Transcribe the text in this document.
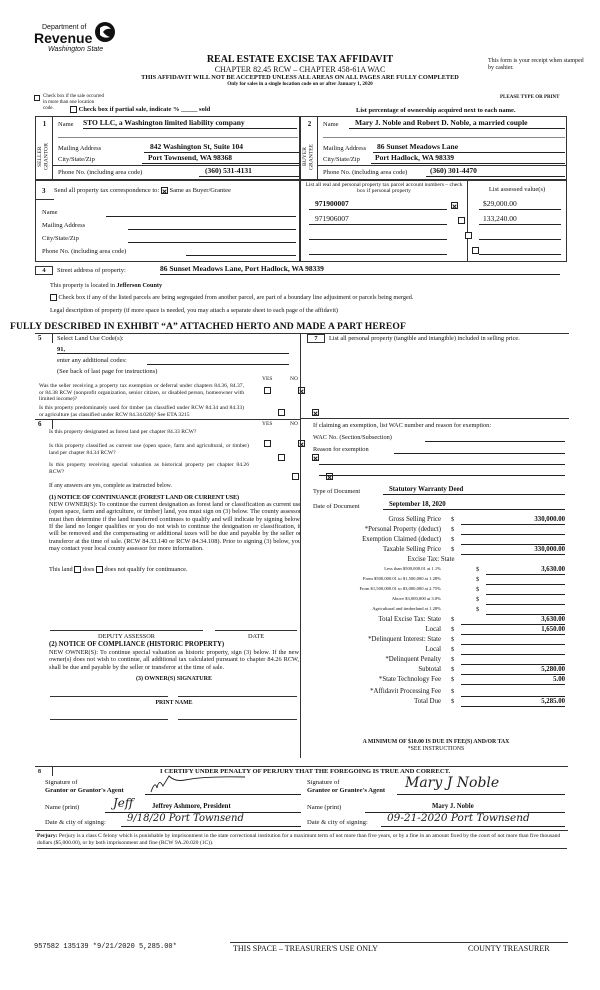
Department of
Revenue
Washington State
REAL ESTATE EXCISE TAX AFFIDAVIT
CHAPTER 82.45 RCW – CHAPTER 458-61A WAC
THIS AFFIDAVIT WILL NOT BE ACCEPTED UNLESS ALL AREAS ON ALL PAGES ARE FULLY COMPLETED
Only for sales in a single location code on or after January 1, 2020
This form is your receipt when stamped by cashier.
PLEASE TYPE OR PRINT
Check box if the sale occurred in more than one location code.	Check box if partial sale, indicate % _____ sold	List percentage of ownership acquired next to each name.
1
SELLER GRANTOR
Name STO LLC, a Washington limited liability company
Mailing Address	842 Washington St, Suite 104
City/State/Zip	Port Townsend, WA 98368
Phone No. (including area code)	(360) 531-4131
2
BUYER GRANTEE
Name	Mary J. Noble and Robert D. Noble, a married couple
Mailing Address	86 Sunset Meadows Lane
City/State/Zip	Port Hadlock, WA 98339
Phone No. (including area code)	(360) 301-4470
3 Send all property tax correspondence to: Same as Buyer/Grantee
Name
Mailing Address
City/State/Zip
Phone No. (including area code)
List all real and personal property tax parcel account numbers – check box if personal property	List assessed value(s)
971900007	$29,000.00
971906007	133,240.00
4	Street address of property:	86 Sunset Meadows Lane, Port Hadlock, WA 98339
This property is located in Jefferson County
Check box if any of the listed parcels are being segregated from another parcel, are part of a boundary line adjustment or parcels being merged.
Legal description of property (if more space is needed, you may attach a separate sheet to each page of the affidavit)
FULLY DESCRIBED IN EXHIBIT “A” ATTACHED HERTO AND MADE A PART HEREOF
5 Select Land Use Code(s):
91,
enter any additional codes:
(See back of last page for instructions)
YES	NO
Was the seller receiving a property tax exemption or deferral under chapters 84.36, 84.37, or 84.38 RCW (nonprofit organization, senior citizen, or disabled person, homeowner with limited income)?
Is this property predominately used for timber (as classified under RCW 84.34 and 84.33) or agriculture (as classified under RCW 84.34.020)? See ETA 3215
6	YES	NO
Is this property designated as forest land per chapter 84.33 RCW?
Is this property classified as current use (open space, farm and agricultural, or timber) land per chapter 84.34 RCW?
Is this property receiving special valuation as historical property per chapter 84.26 RCW?
If any answers are yes, complete as instructed below.
(1) NOTICE OF CONTINUANCE (FOREST LAND OR CURRENT USE)
NEW OWNER(S): To continue the current designation as forest land or classification as current use (open space, farm and agriculture, or timber) land, you must sign on (3) below. The county assessor must then determine if the land transferred continues to qualify and will indicate by signing below. If the land no longer qualifies or you do not wish to continue the designation or classification, it will be removed and the compensating or additional taxes will be due and payable by the seller or transferor at the time of sale. (RCW 84.33.140 or RCW 84.34.108). Prior to signing (3) below, you may contact your local county assessor for more information.
This land does does not qualify for continuance.
DEPUTY ASSESSOR	DATE
(2) NOTICE OF COMPLIANCE (HISTORIC PROPERTY)
NEW OWNER(S): To continue special valuation as historic property, sign (3) below. If the new owner(s) does not wish to continue, all additional tax calculated pursuant to chapter 84.26 RCW, shall be due and payable by the seller or transferor at the time of sale.
(3) OWNER(S) SIGNATURE
PRINT NAME
7	List all personal property (tangible and intangible) included in selling price.
If claiming an exemption, list WAC number and reason for exemption:
WAC No. (Section/Subsection)
Reason for exemption
Type of Document	Statutory Warranty Deed
Date of Document	September 18, 2020
Gross Selling Price $	330,000.00
*Personal Property (deduct) $
Exemption Claimed (deduct) $
Taxable Selling Price $	330,000.00
Excise Tax: State
Less than $500,000.01 at 1.1%	$	3,630.00
From $500,000.01 to $1,500,000 at 1.28%	$
From $1,500,000.01 to $3,000,000 at 2.75%	$
Above $3,000,000 at 3.0%	$
Agricultural and timberland at 1.28%	$
Total Excise Tax: State $	3,630.00
Local $	1,650.00
*Delinquent Interest: State $
Local $
*Delinquent Penalty $
Subtotal $	5,280.00
*State Technology Fee $	5.00
*Affidavit Processing Fee $
Total Due $	5,285.00
A MINIMUM OF $10.00 IS DUE IN FEE(S) AND/OR TAX
*SEE INSTRUCTIONS
8	I CERTIFY UNDER PENALTY OF PERJURY THAT THE FOREGOING IS TRUE AND CORRECT.
Signature of
Grantor or Grantor's Agent
Name (print)	Jeff	Jeffrey Ashmore, President
Date & city of signing: 9/18/20 Port Townsend
Signature of
Grantee or Grantee's Agent Mary J Noble
Name (print)	Mary J. Noble
Date & city of signing: 09-21-2020 Port Townsend
Perjury: Perjury is a class C felony which is punishable by imprisonment in the state correctional institution for a maximum term of not more than five years, or by a fine in an amount fixed by the court of not more than five thousand dollars ($5,000.00), or by both imprisonment and fine (RCW 9A.20.020 (1C)).
957582 135139 *9/21/2020 5,285.00*	THIS SPACE – TREASURER'S USE ONLY	COUNTY TREASURER
